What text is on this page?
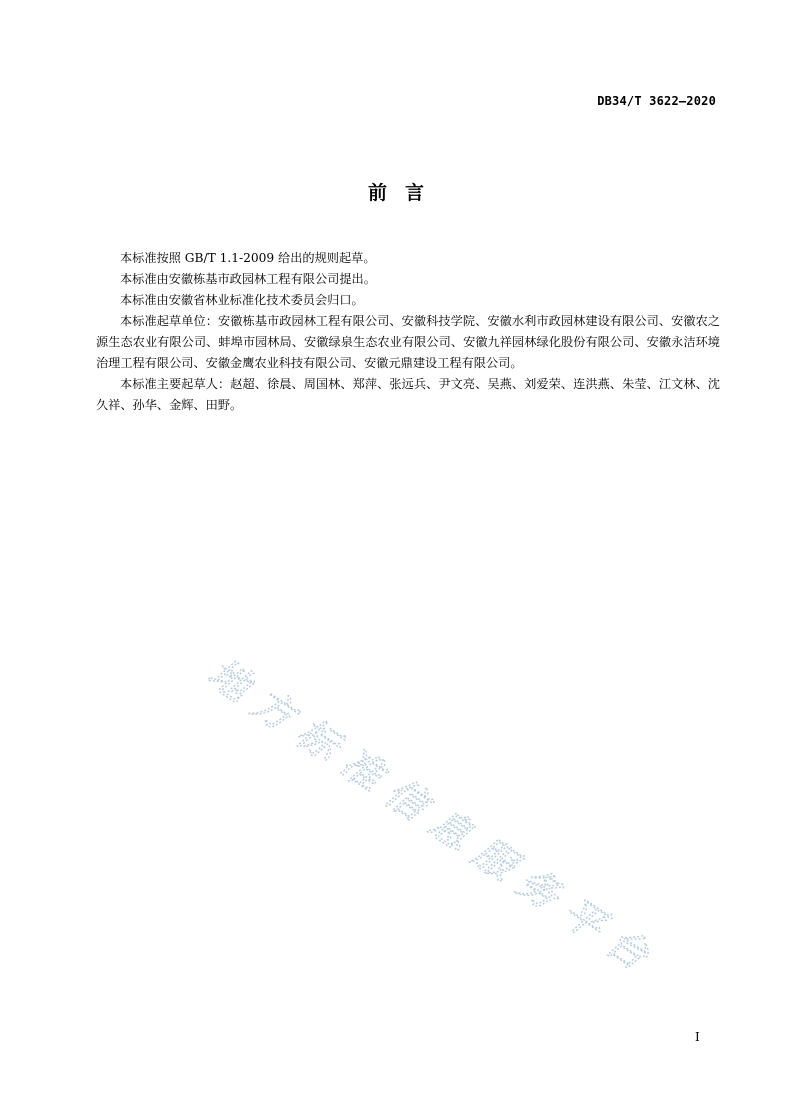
DB34/T 3622—2020
前言

本标准按照 GB/T 1.1-2009 给出的规则起草。

本标准由安徽栋基市政园林工程有限公司提出。

本标准由安徽省林业标准化技术委员会归口。

本标准起草单位：安徽栋基市政园林工程有限公司、安徽科技学院、安徽水利市政园林建设有限公司、安徽农之源生态农业有限公司、蚌埠市园林局、安徽绿泉生态农业有限公司、安徽九祥园林绿化股份有限公司、安徽永洁环境治理工程有限公司、安徽金鹰农业科技有限公司、安徽元鼎建设工程有限公司。

本标准主要起草人：赵超、徐晨、周国林、郑萍、张远兵、尹文亮、吴燕、刘爱荣、连洪燕、朱莹、江文林、沈久祥、孙华、金辉、田野。

地方标准信息服务平台
I
